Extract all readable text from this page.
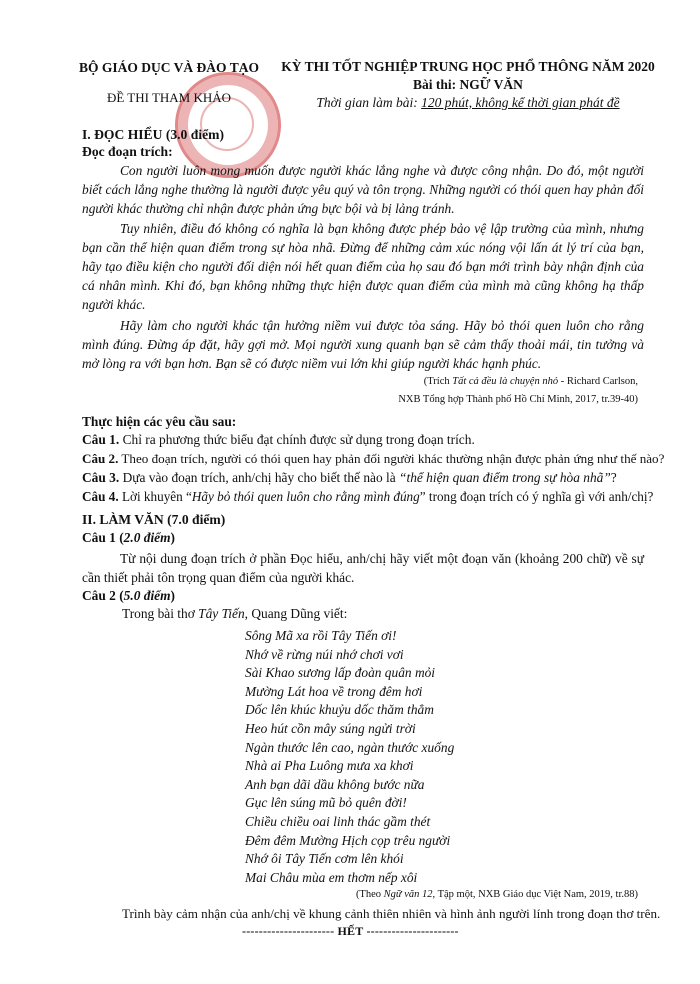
BỘ GIÁO DỤC VÀ ĐÀO TẠO
ĐỀ THI THAM KHẢO
KỲ THI TỐT NGHIỆP TRUNG HỌC PHỔ THÔNG NĂM 2020
Bài thi: NGỮ VĂN
Thời gian làm bài: 120 phút, không kể thời gian phát đề
I. ĐỌC HIỂU (3.0 điểm)
Đọc đoạn trích:
Con người luôn mong muốn được người khác lắng nghe và được công nhận. Do đó, một người biết cách lắng nghe thường là người được yêu quý và tôn trọng. Những người có thói quen hay phản đối người khác thường chỉ nhận được phản ứng bực bội và bị lảng tránh.
Tuy nhiên, điều đó không có nghĩa là bạn không được phép bảo vệ lập trường của mình, nhưng bạn cần thể hiện quan điểm trong sự hòa nhã. Đừng để những cảm xúc nóng vội lấn át lý trí của bạn, hãy tạo điều kiện cho người đối diện nói hết quan điểm của họ sau đó bạn mới trình bày nhận định của cá nhân mình. Khi đó, bạn không những thực hiện được quan điểm của mình mà cũng không hạ thấp người khác.
Hãy làm cho người khác tận hưởng niềm vui được tỏa sáng. Hãy bỏ thói quen luôn cho rằng mình đúng. Đừng áp đặt, hãy gợi mở. Mọi người xung quanh bạn sẽ cảm thấy thoải mái, tin tưởng và mở lòng ra với bạn hơn. Bạn sẽ có được niềm vui lớn khi giúp người khác hạnh phúc.
(Trích Tất cả đều là chuyện nhỏ - Richard Carlson,
NXB Tổng hợp Thành phố Hồ Chí Minh, 2017, tr.39-40)
Thực hiện các yêu cầu sau:
Câu 1. Chỉ ra phương thức biểu đạt chính được sử dụng trong đoạn trích.
Câu 2. Theo đoạn trích, người có thói quen hay phản đối người khác thường nhận được phản ứng như thế nào?
Câu 3. Dựa vào đoạn trích, anh/chị hãy cho biết thế nào là “thể hiện quan điểm trong sự hòa nhã”?
Câu 4. Lời khuyên “Hãy bỏ thói quen luôn cho rằng mình đúng” trong đoạn trích có ý nghĩa gì với anh/chị?
II. LÀM VĂN (7.0 điểm)
Câu 1 (2.0 điểm)
Từ nội dung đoạn trích ở phần Đọc hiểu, anh/chị hãy viết một đoạn văn (khoảng 200 chữ) về sự cần thiết phải tôn trọng quan điểm của người khác.
Câu 2 (5.0 điểm)
Trong bài thơ Tây Tiến, Quang Dũng viết:
Sông Mã xa rồi Tây Tiến ơi!
Nhớ về rừng núi nhớ chơi vơi
Sài Khao sương lấp đoàn quân mỏi
Mường Lát hoa về trong đêm hơi
Dốc lên khúc khuỷu dốc thăm thẳm
Heo hút cồn mây súng ngửi trời
Ngàn thước lên cao, ngàn thước xuống
Nhà ai Pha Luông mưa xa khơi
Anh bạn dãi dầu không bước nữa
Gục lên súng mũ bỏ quên đời!
Chiều chiều oai linh thác gầm thét
Đêm đêm Mường Hịch cọp trêu người
Nhớ ôi Tây Tiến cơm lên khói
Mai Châu mùa em thơm nếp xôi
(Theo Ngữ văn 12, Tập một, NXB Giáo dục Việt Nam, 2019, tr.88)
Trình bày cảm nhận của anh/chị về khung cảnh thiên nhiên và hình ảnh người lính trong đoạn thơ trên.
---------------------- HẾT ----------------------
